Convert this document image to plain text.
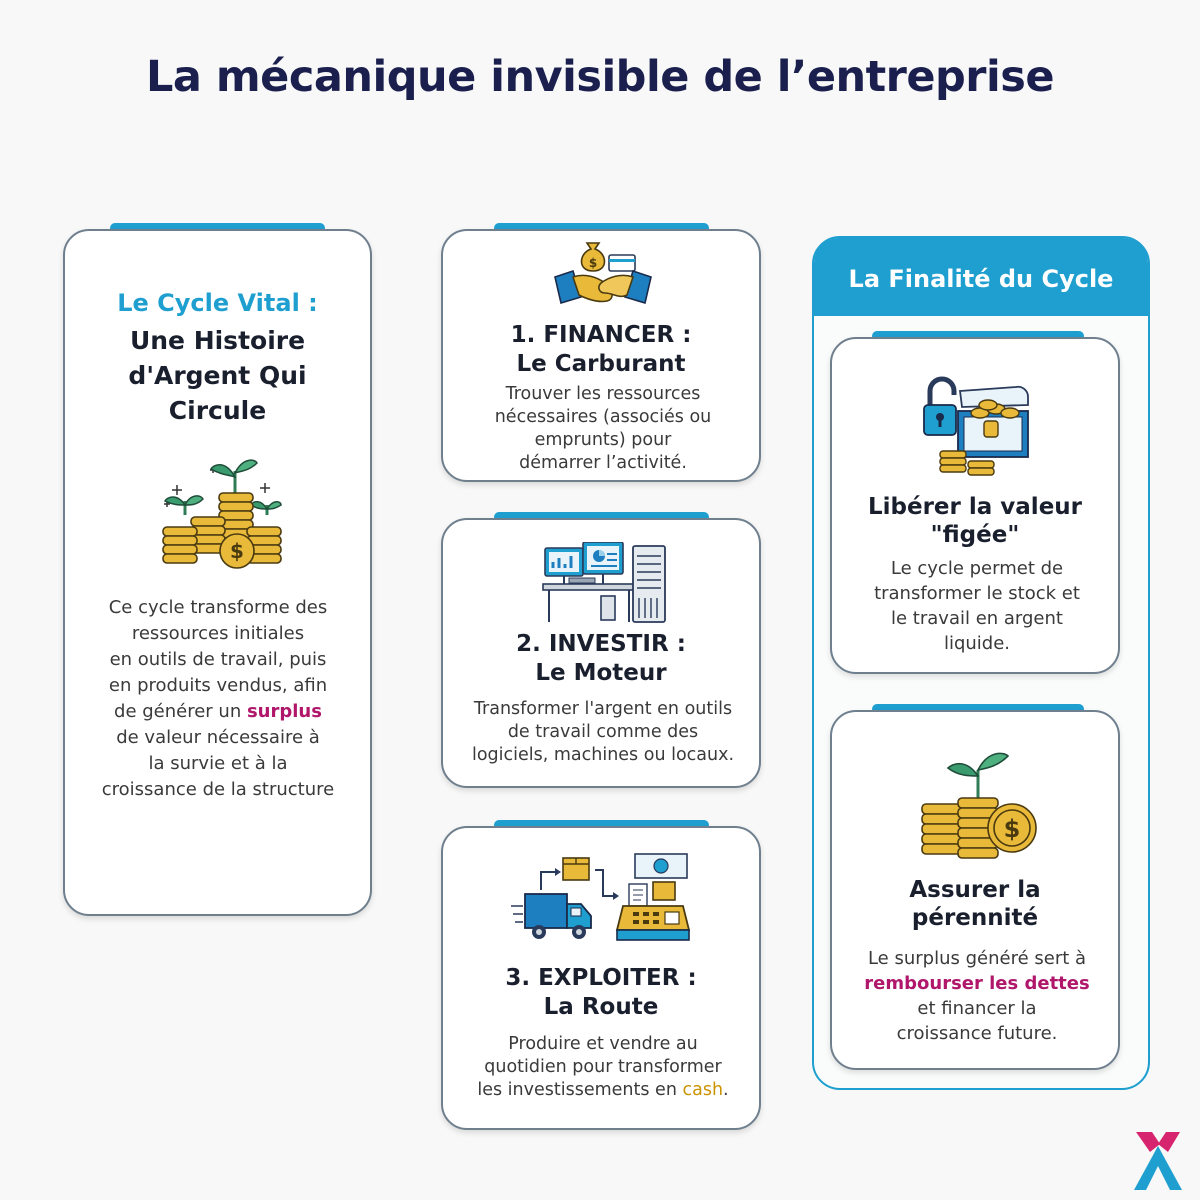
La mécanique invisible de l’entreprise
Le Cycle Vital :
Une Histoire
d'Argent Qui
Circule
$
Ce cycle transforme des
ressources initiales
en outils de travail, puis
en produits vendus, afin
de générer un surplus
de valeur nécessaire à
la survie et à la
croissance de la structure
$
1. FINANCER :
Le Carburant
Trouver les ressources
nécessaires (associés ou
emprunts) pour
démarrer l’activité.
2. INVESTIR :
Le Moteur
Transformer l'argent en outils
de travail comme des
logiciels, machines ou locaux.
3. EXPLOITER :
La Route
Produire et vendre au
quotidien pour transformer
les investissements en cash.
La Finalité du Cycle
Libérer la valeur
"figée"
Le cycle permet de
transformer le stock et
le travail en argent
liquide.
$
Assurer la
pérennité
Le surplus généré sert à
rembourser les dettes
et financer la
croissance future.
